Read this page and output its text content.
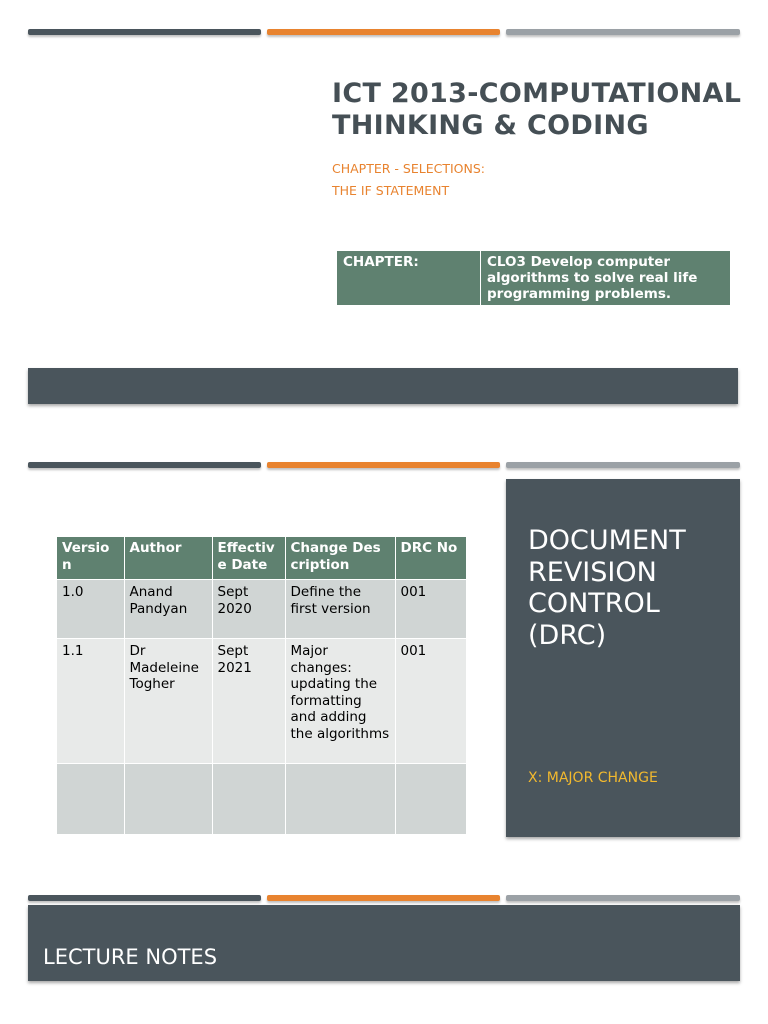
ICT 2013-COMPUTATIONAL
THINKING & CODING
CHAPTER - SELECTIONS:
THE IF STATEMENT
CHAPTER:	CLO3 Develop computer algorithms to solve real life programming problems.
Versio n	Author	Effectiv e Date	Change Des cription	DRC No
1.0	Anand Pandyan	Sept 2020	Define the first version	001
1.1	Dr Madeleine Togher	Sept 2021	Major changes: updating the formatting and adding the algorithms	001

DOCUMENT REVISION CONTROL (DRC)
X: MAJOR CHANGE
LECTURE NOTES
